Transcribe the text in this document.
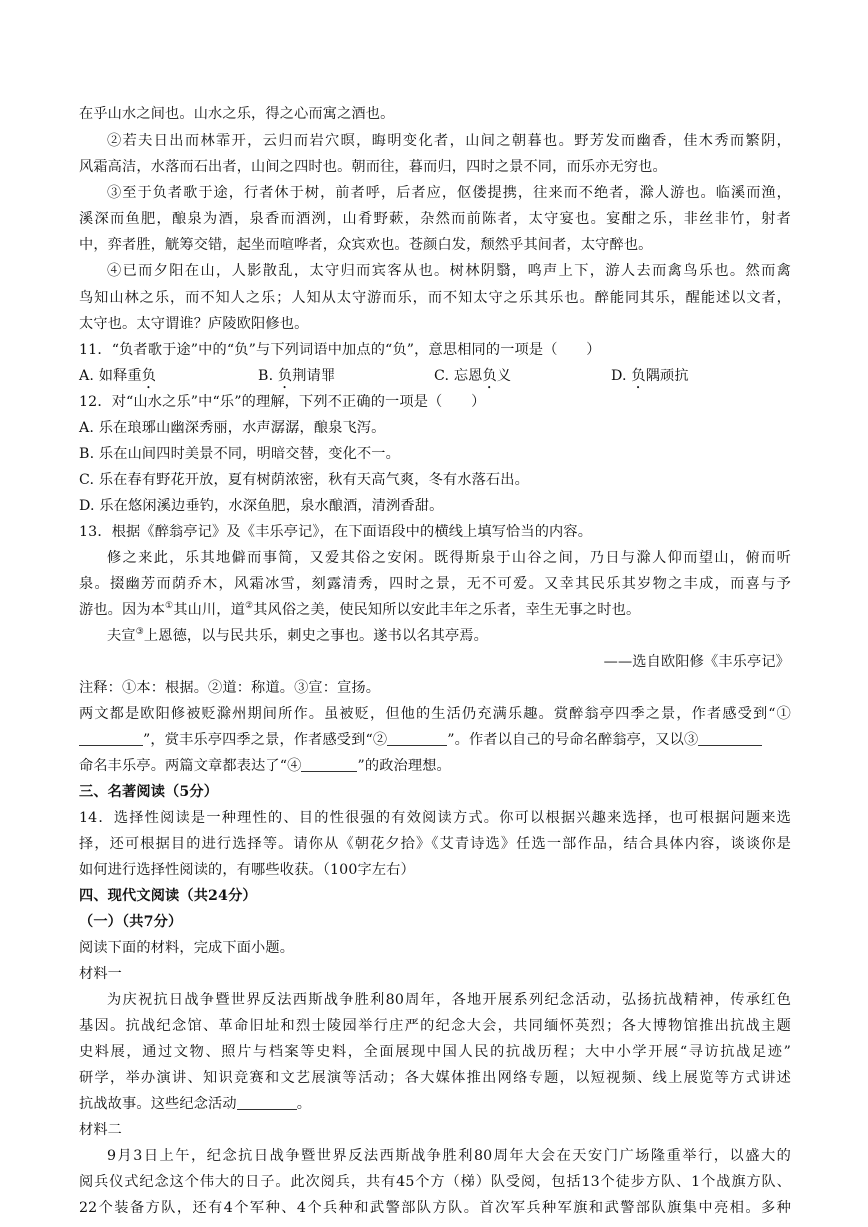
在乎山水之间也。山水之乐，得之心而寓之酒也。
②若夫日出而林霏开，云归而岩穴暝，晦明变化者，山间之朝暮也。野芳发而幽香，佳木秀而繁阴，
风霜高洁，水落而石出者，山间之四时也。朝而往，暮而归，四时之景不同，而乐亦无穷也。
③至于负者歌于途，行者休于树，前者呼，后者应，伛偻提携，往来而不绝者，滁人游也。临溪而渔，
溪深而鱼肥，酿泉为酒，泉香而酒洌，山肴野蔌，杂然而前陈者，太守宴也。宴酣之乐，非丝非竹，射者
中，弈者胜，觥筹交错，起坐而喧哗者，众宾欢也。苍颜白发，颓然乎其间者，太守醉也。
④已而夕阳在山，人影散乱，太守归而宾客从也。树林阴翳，鸣声上下，游人去而禽鸟乐也。然而禽
鸟知山林之乐，而不知人之乐；人知从太守游而乐，而不知太守之乐其乐也。醉能同其乐，醒能述以文者，
太守也。太守谓谁？庐陵欧阳修也。
11．“负者歌于途”中的“负”与下列词语中加点的“负”，意思相同的一项是（　　）
A. 如释重负	B. 负荆请罪	C. 忘恩负义	D. 负隅顽抗
12．对“山水之乐”中“乐”的理解，下列不正确的一项是（　　）
A. 乐在琅琊山幽深秀丽，水声潺潺，酿泉飞泻。
B. 乐在山间四时美景不同，明暗交替，变化不一。
C. 乐在春有野花开放，夏有树荫浓密，秋有天高气爽，冬有水落石出。
D. 乐在悠闲溪边垂钓，水深鱼肥，泉水酿酒，清洌香甜。
13．根据《醉翁亭记》及《丰乐亭记》，在下面语段中的横线上填写恰当的内容。
修之来此，乐其地僻而事简，又爱其俗之安闲。既得斯泉于山谷之间，乃日与滁人仰而望山，俯而听
泉。掇幽芳而荫乔木，风霜冰雪，刻露清秀，四时之景，无不可爱。又幸其民乐其岁物之丰成，而喜与予
游也。因为本①其山川，道②其风俗之美，使民知所以安此丰年之乐者，幸生无事之时也。
夫宣③上恩德，以与民共乐，刺史之事也。遂书以名其亭焉。
——选自欧阳修《丰乐亭记》
注释：①本：根据。②道：称道。③宣：宣扬。
两文都是欧阳修被贬滁州期间所作。虽被贬，但他的生活仍充满乐趣。赏醉翁亭四季之景，作者感受到“①
”，赏丰乐亭四季之景，作者感受到“②	”。作者以自己的号命名醉翁亭，又以③
命名丰乐亭。两篇文章都表达了“④	”的政治理想。
三、名著阅读（5分）
14．选择性阅读是一种理性的、目的性很强的有效阅读方式。你可以根据兴趣来选择，也可根据问题来选
择，还可根据目的进行选择等。请你从《朝花夕拾》《艾青诗选》任选一部作品，结合具体内容，谈谈你是
如何进行选择性阅读的，有哪些收获。（100字左右）
四、现代文阅读（共24分）
（一）（共7分）
阅读下面的材料，完成下面小题。
材料一
为庆祝抗日战争暨世界反法西斯战争胜利80周年，各地开展系列纪念活动，弘扬抗战精神，传承红色
基因。抗战纪念馆、革命旧址和烈士陵园举行庄严的纪念大会，共同缅怀英烈；各大博物馆推出抗战主题
史料展，通过文物、照片与档案等史料，全面展现中国人民的抗战历程；大中小学开展“寻访抗战足迹”
研学，举办演讲、知识竞赛和文艺展演等活动；各大媒体推出网络专题，以短视频、线上展览等方式讲述
抗战故事。这些纪念活动	。
材料二
9月3日上午，纪念抗日战争暨世界反法西斯战争胜利80周年大会在天安门广场隆重举行，以盛大的
阅兵仪式纪念这个伟大的日子。此次阅兵，共有45个方（梯）队受阅，包括13个徒步方队、1个战旗方队、
22个装备方队，还有4个军种、4个兵种和武警部队方队。首次军兵种军旗和武警部队旗集中亮相。多种
